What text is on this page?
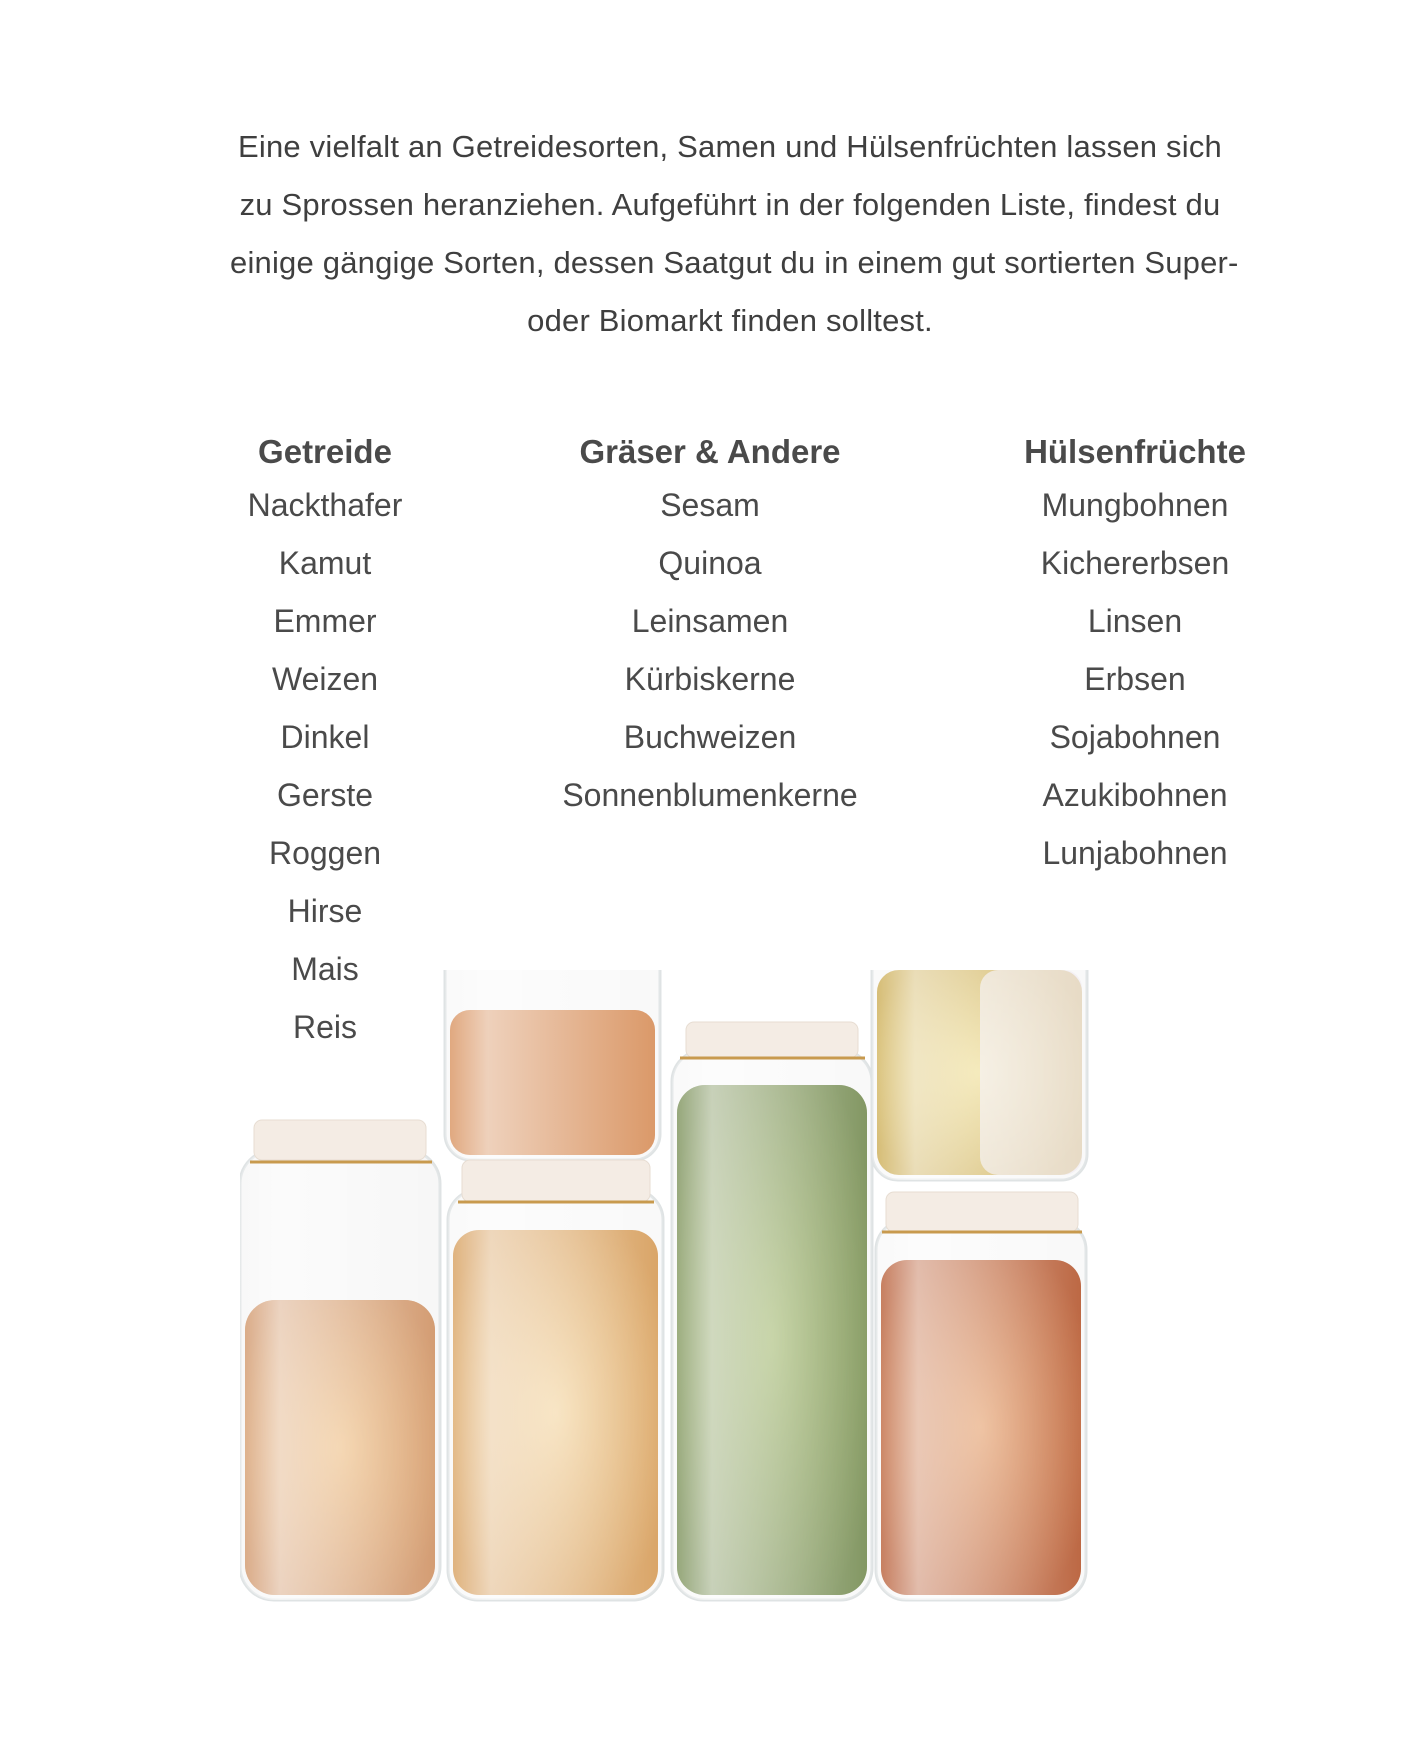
Eine vielfalt an Getreidesorten, Samen und Hülsenfrüchten lassen sich
zu Sprossen heranziehen. Aufgeführt in der folgenden Liste, findest du
einige gängige Sorten, dessen Saatgut du in einem gut sortierten Super-
oder Biomarkt finden solltest.
Getreide
Nackthafer
Kamut
Emmer
Weizen
Dinkel
Gerste
Roggen
Hirse
Mais
Reis
Gräser & Andere
Sesam
Quinoa
Leinsamen
Kürbiskerne
Buchweizen
Sonnenblumenkerne
Hülsenfrüchte
Mungbohnen
Kichererbsen
Linsen
Erbsen
Sojabohnen
Azukibohnen
Lunjabohnen
